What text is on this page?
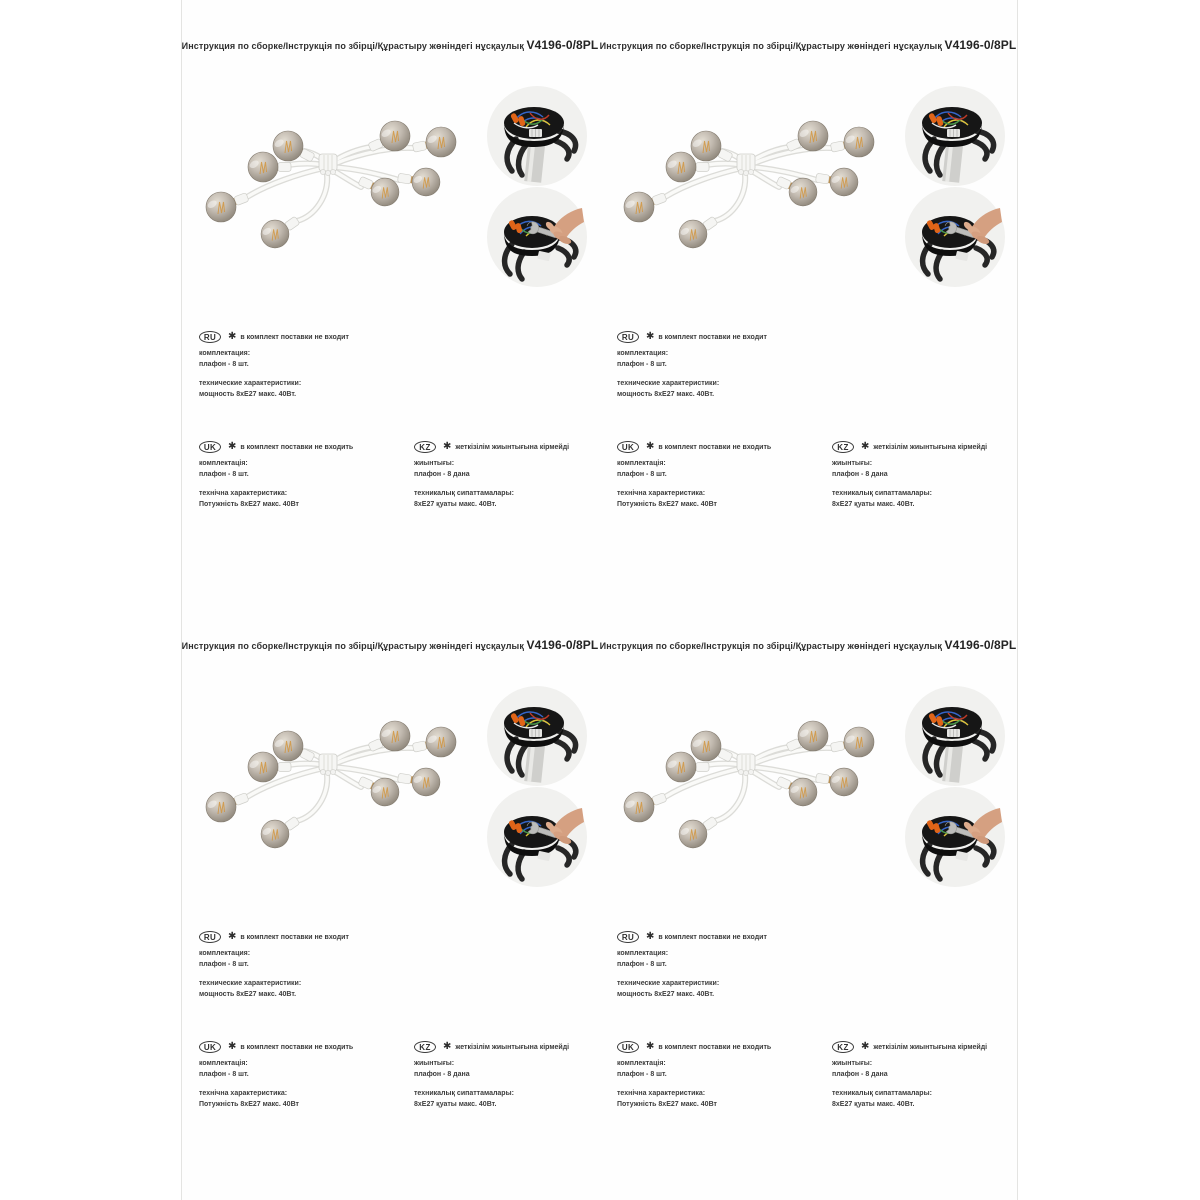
Инструкция по сборке/Інструкція по збірці/Құрастыру жөніндегі нұсқаулық V4196-0/8PL
RU	✱ в комплект поставки не входит
комплектация:
плафон - 8 шт.
технические характеристики:
мощность 8хЕ27 макс. 40Вт.
UK	✱ в комплект поставки не входить
комплектація:
плафон - 8 шт.
технічна характеристика:
Потужність 8хЕ27 макс. 40Вт
KZ	✱ жеткізілім жиынтығына кірмейді
жиынтығы:
плафон - 8 дана
техникалық сипаттамалары:
8хЕ27 қуаты макс. 40Вт.
Инструкция по сборке/Інструкція по збірці/Құрастыру жөніндегі нұсқаулық V4196-0/8PL
RU	✱ в комплект поставки не входит
комплектация:
плафон - 8 шт.
технические характеристики:
мощность 8хЕ27 макс. 40Вт.
UK	✱ в комплект поставки не входить
комплектація:
плафон - 8 шт.
технічна характеристика:
Потужність 8хЕ27 макс. 40Вт
KZ	✱ жеткізілім жиынтығына кірмейді
жиынтығы:
плафон - 8 дана
техникалық сипаттамалары:
8хЕ27 қуаты макс. 40Вт.
Инструкция по сборке/Інструкція по збірці/Құрастыру жөніндегі нұсқаулық V4196-0/8PL
RU	✱ в комплект поставки не входит
комплектация:
плафон - 8 шт.
технические характеристики:
мощность 8хЕ27 макс. 40Вт.
UK	✱ в комплект поставки не входить
комплектація:
плафон - 8 шт.
технічна характеристика:
Потужність 8хЕ27 макс. 40Вт
KZ	✱ жеткізілім жиынтығына кірмейді
жиынтығы:
плафон - 8 дана
техникалық сипаттамалары:
8хЕ27 қуаты макс. 40Вт.
Инструкция по сборке/Інструкція по збірці/Құрастыру жөніндегі нұсқаулық V4196-0/8PL
RU	✱ в комплект поставки не входит
комплектация:
плафон - 8 шт.
технические характеристики:
мощность 8хЕ27 макс. 40Вт.
UK	✱ в комплект поставки не входить
комплектація:
плафон - 8 шт.
технічна характеристика:
Потужність 8хЕ27 макс. 40Вт
KZ	✱ жеткізілім жиынтығына кірмейді
жиынтығы:
плафон - 8 дана
техникалық сипаттамалары:
8хЕ27 қуаты макс. 40Вт.
